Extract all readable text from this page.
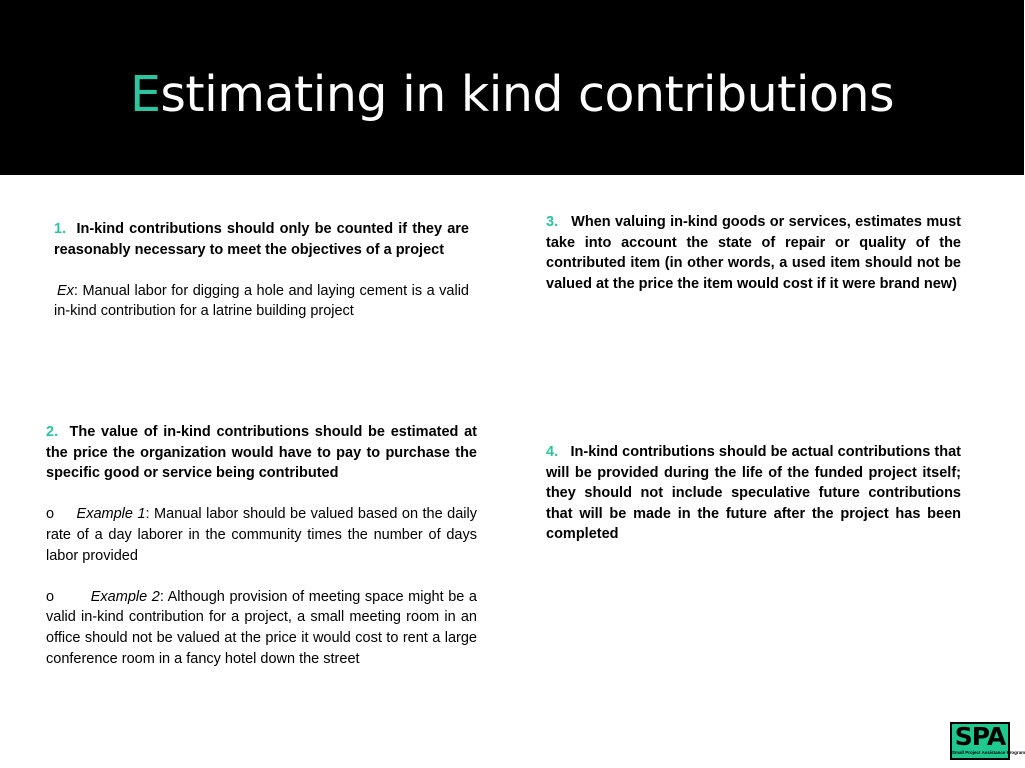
Estimating in kind contributions

1. In-kind contributions should only be counted if they are reasonably necessary to meet the objectives of a project

Ex: Manual labor for digging a hole and laying cement is a valid in-kind contribution for a latrine building project

2. The value of in-kind contributions should be estimated at the price the organization would have to pay to purchase the specific good or service being contributed

o Example 1: Manual labor should be valued based on the daily rate of a day laborer in the community times the number of days labor provided

o	Example 2: Although provision of meeting space might be a valid in-kind contribution for a project, a small meeting room in an office should not be valued at the price it would cost to rent a large conference room in a fancy hotel down the street

3. When valuing in-kind goods or services, estimates must take into account the state of repair or quality of the contributed item (in other words, a used item should not be valued at the price the item would cost if it were brand new)

4. In-kind contributions should be actual contributions that will be provided during the life of the funded project itself; they should not include speculative future contributions that will be made in the future after the project has been completed

SPA
Small Project Assistance Program
